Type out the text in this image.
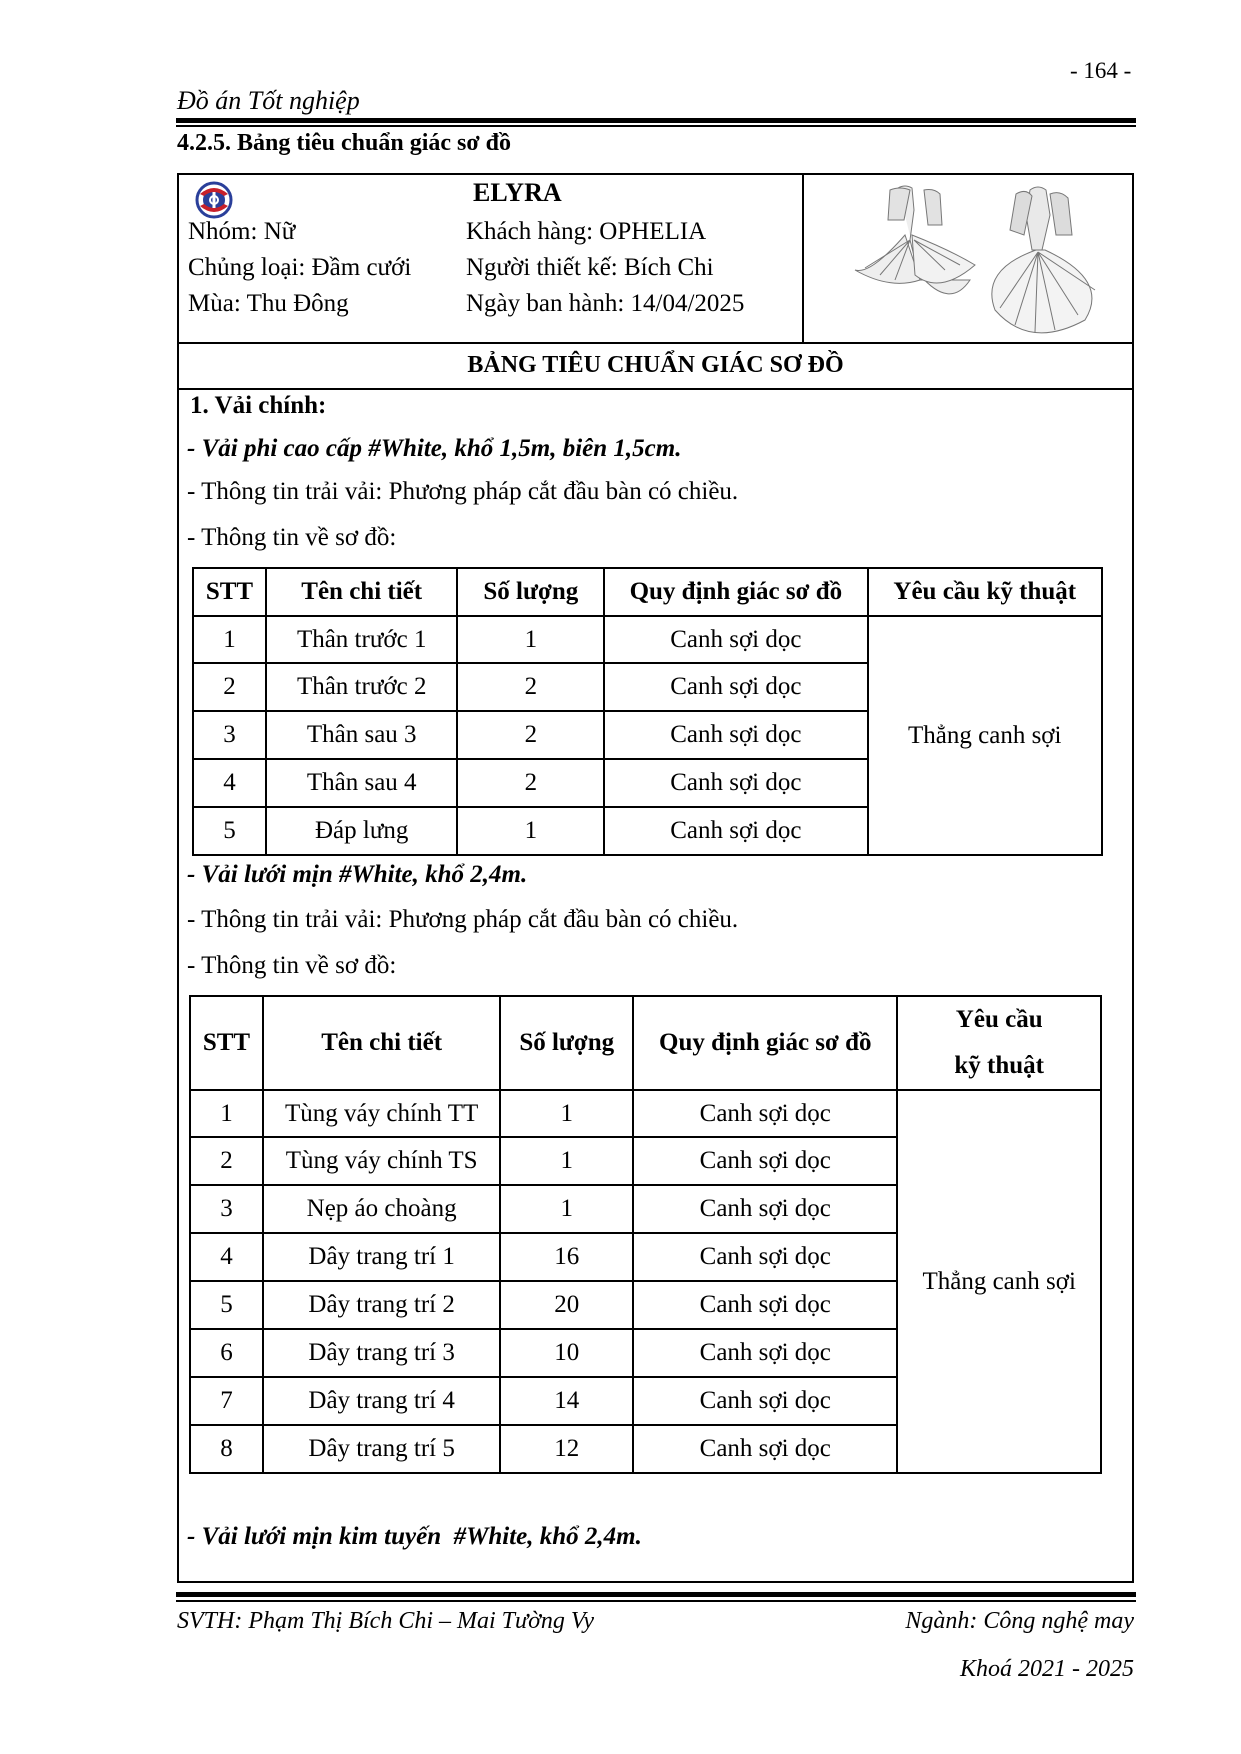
- 164 -
Đồ án Tốt nghiệp
4.2.5. Bảng tiêu chuẩn giác sơ đồ
ELYRA
Nhóm: Nữ
Chủng loại: Đầm cưới
Mùa: Thu Đông
Khách hàng: OPHELIA
Người thiết kế: Bích Chi
Ngày ban hành: 14/04/2025
BẢNG TIÊU CHUẨN GIÁC SƠ ĐỒ
1. Vải chính:
- Vải phi cao cấp #White, khổ 1,5m, biên 1,5cm.
- Thông tin trải vải: Phương pháp cắt đầu bàn có chiều.
- Thông tin về sơ đồ:
STT	Tên chi tiết	Số lượng	Quy định giác sơ đồ	Yêu cầu kỹ thuật
1	Thân trước 1	1	Canh sợi dọc	Thẳng canh sợi
2	Thân trước 2	2	Canh sợi dọc	
3	Thân sau 3	2	Canh sợi dọc	
4	Thân sau 4	2	Canh sợi dọc	
5	Đáp lưng	1	Canh sợi dọc	
- Vải lưới mịn #White, khổ 2,4m.
- Thông tin trải vải: Phương pháp cắt đầu bàn có chiều.
- Thông tin về sơ đồ:
STT	Tên chi tiết	Số lượng	Quy định giác sơ đồ	Yêu cầu
kỹ thuật

1	Tùng váy chính TT	1	Canh sợi dọc	Thẳng canh sợi
2	Tùng váy chính TS	1	Canh sợi dọc	
3	Nẹp áo choàng	1	Canh sợi dọc	
4	Dây trang trí 1	16	Canh sợi dọc	
5	Dây trang trí 2	20	Canh sợi dọc	
6	Dây trang trí 3	10	Canh sợi dọc	
7	Dây trang trí 4	14	Canh sợi dọc	
8	Dây trang trí 5	12	Canh sợi dọc	
- Vải lưới mịn kim tuyến  #White, khổ 2,4m.
SVTH: Phạm Thị Bích Chi – Mai Tường Vy	Ngành: Công nghệ may
Khoá 2021 - 2025
